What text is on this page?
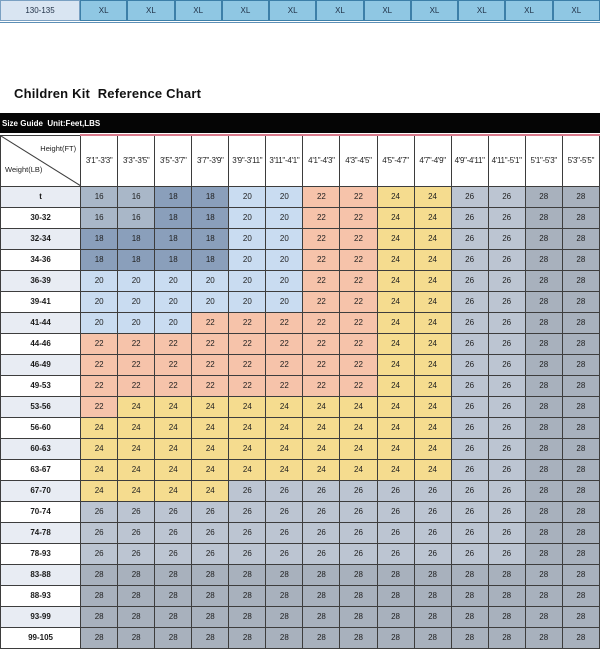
130-135	XL	XL	XL	XL	XL	XL	XL	XL	XL	XL	XL
Children Kit  Reference Chart
Size Guide  Unit:Feet,LBS
Height(FT)
Weight(LB)	3'1"-3'3"	3'3"-3'5"	3'5"-3'7"	3'7"-3'9"	3'9"-3'11"	3'11"-4'1"	4'1"-4'3"	4'3"-4'5"	4'5"-4'7"	4'7"-4'9"	4'9"-4'11"	4'11"-5'1"	5'1"-5'3"	5'3"-5'5"
t	16	16	18	18	20	20	22	22	24	24	26	26	28	28
30-32	16	16	18	18	20	20	22	22	24	24	26	26	28	28
32-34	18	18	18	18	20	20	22	22	24	24	26	26	28	28
34-36	18	18	18	18	20	20	22	22	24	24	26	26	28	28
36-39	20	20	20	20	20	20	22	22	24	24	26	26	28	28
39-41	20	20	20	20	20	20	22	22	24	24	26	26	28	28
41-44	20	20	20	22	22	22	22	22	24	24	26	26	28	28
44-46	22	22	22	22	22	22	22	22	24	24	26	26	28	28
46-49	22	22	22	22	22	22	22	22	24	24	26	26	28	28
49-53	22	22	22	22	22	22	22	22	24	24	26	26	28	28
53-56	22	24	24	24	24	24	24	24	24	24	26	26	28	28
56-60	24	24	24	24	24	24	24	24	24	24	26	26	28	28
60-63	24	24	24	24	24	24	24	24	24	24	26	26	28	28
63-67	24	24	24	24	24	24	24	24	24	24	26	26	28	28
67-70	24	24	24	24	26	26	26	26	26	26	26	26	28	28
70-74	26	26	26	26	26	26	26	26	26	26	26	26	28	28
74-78	26	26	26	26	26	26	26	26	26	26	26	26	28	28
78-93	26	26	26	26	26	26	26	26	26	26	26	26	28	28
83-88	28	28	28	28	28	28	28	28	28	28	28	28	28	28
88-93	28	28	28	28	28	28	28	28	28	28	28	28	28	28
93-99	28	28	28	28	28	28	28	28	28	28	28	28	28	28
99-105	28	28	28	28	28	28	28	28	28	28	28	28	28	28
